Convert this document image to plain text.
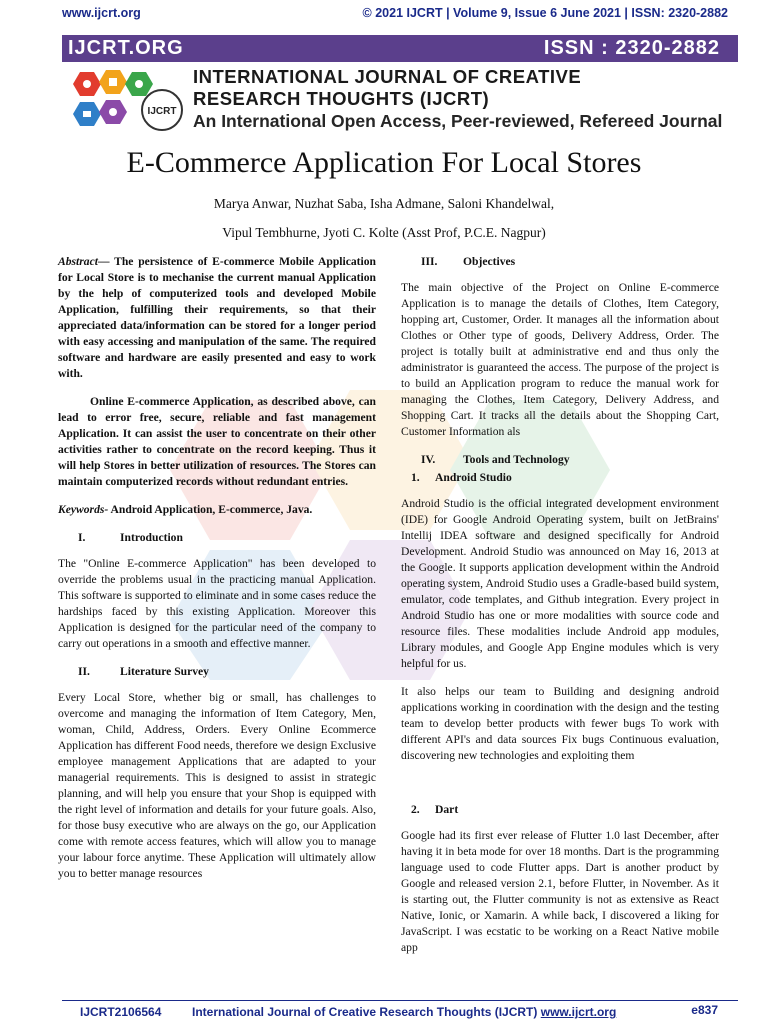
www.ijcrt.org	© 2021 IJCRT | Volume 9, Issue 6 June 2021 | ISSN: 2320-2882
IJCRT.ORG	ISSN : 2320-2882
IJCRT
INTERNATIONAL JOURNAL OF CREATIVE
RESEARCH THOUGHTS (IJCRT)
An International Open Access, Peer-reviewed, Refereed Journal
E-Commerce Application For Local Stores
Marya Anwar, Nuzhat Saba, Isha Admane, Saloni Khandelwal,
Vipul Tembhurne, Jyoti C. Kolte (Asst Prof, P.C.E. Nagpur)

Abstract— The persistence of E-commerce Mobile Application for Local Store is to mechanise the current manual Application by the help of computerized tools and developed Mobile Application, fulfilling their requirements, so that their appreciated data/information can be stored for a longer period with easy accessing and manipulation of the same. The required software and hardware are easily presented and easy to work with.

Online E-commerce Application, as described above, can lead to error free, secure, reliable and fast management Application. It can assist the user to concentrate on their other activities rather to concentrate on the record keeping. Thus it will help Stores in better utilization of resources. The Stores can maintain computerized records without redundant entries.

Keywords- Android Application, E-commerce, Java.

I.	Introduction

The "Online E-commerce Application" has been developed to override the problems usual in the practicing manual Application. This software is supported to eliminate and in some cases reduce the hardships faced by this existing Application. Moreover this Application is designed for the particular need of the company to carry out operations in a smooth and effective manner.

II.	Literature Survey

Every Local Store, whether big or small, has challenges to overcome and managing the information of Item Category, Men, woman, Child, Address, Orders. Every Online Ecommerce Application has different Food needs, therefore we design Exclusive employee management Applications that are adapted to your managerial requirements. This is designed to assist in strategic planning, and will help you ensure that your Shop is equipped with the right level of information and details for your future goals. Also, for those busy executive who are always on the go, our Application come with remote access features, which will allow you to manage your labour force anytime. These Application will ultimately allow you to better manage resources

III. Objectives

The main objective of the Project on Online E-commerce Application is to manage the details of Clothes, Item Category, hopping art, Customer, Order. It manages all the information about Clothes or Other type of goods, Delivery Address, Order. The project is totally built at administrative end and thus only the administrator is guaranteed the access. The purpose of the project is to build an Application program to reduce the manual work for managing the Clothes, Item Category, Delivery Address, and Shopping Cart. It tracks all the details about the Shopping Cart, Customer Information als

IV. Tools and Technology
1. Android Studio

Android Studio is the official integrated development environment (IDE) for Google Android Operating system, built on JetBrains' Intellij IDEA software and designed specifically for Android Development. Android Studio was announced on May 16, 2013 at the Google. It supports application development within the Android operating system, Android Studio uses a Gradle-based build system, emulator, code templates, and Github integration. Every project in Android Studio has one or more modalities with source code and resource files. These modalities include Android app modules, Library modules, and Google App Engine modules which is very helpful for us.

It also helps our team to Building and designing android applications working in coordination with the design and the testing team to develop better products with fewer bugs To work with different API's and data sources Fix bugs Continuous evaluation, discovering new technologies and exploiting them

2. Dart

Google had its first ever release of Flutter 1.0 last December, after having it in beta mode for over 18 months. Dart is the programming language used to code Flutter apps. Dart is another product by Google and released version 2.1, before Flutter, in November. As it is starting out, the Flutter community is not as extensive as React Native, Ionic, or Xamarin. A while back, I discovered a liking for JavaScript. I was ecstatic to be working on a React Native mobile app

IJCRT2106564	International Journal of Creative Research Thoughts (IJCRT) www.ijcrt.org	e837
